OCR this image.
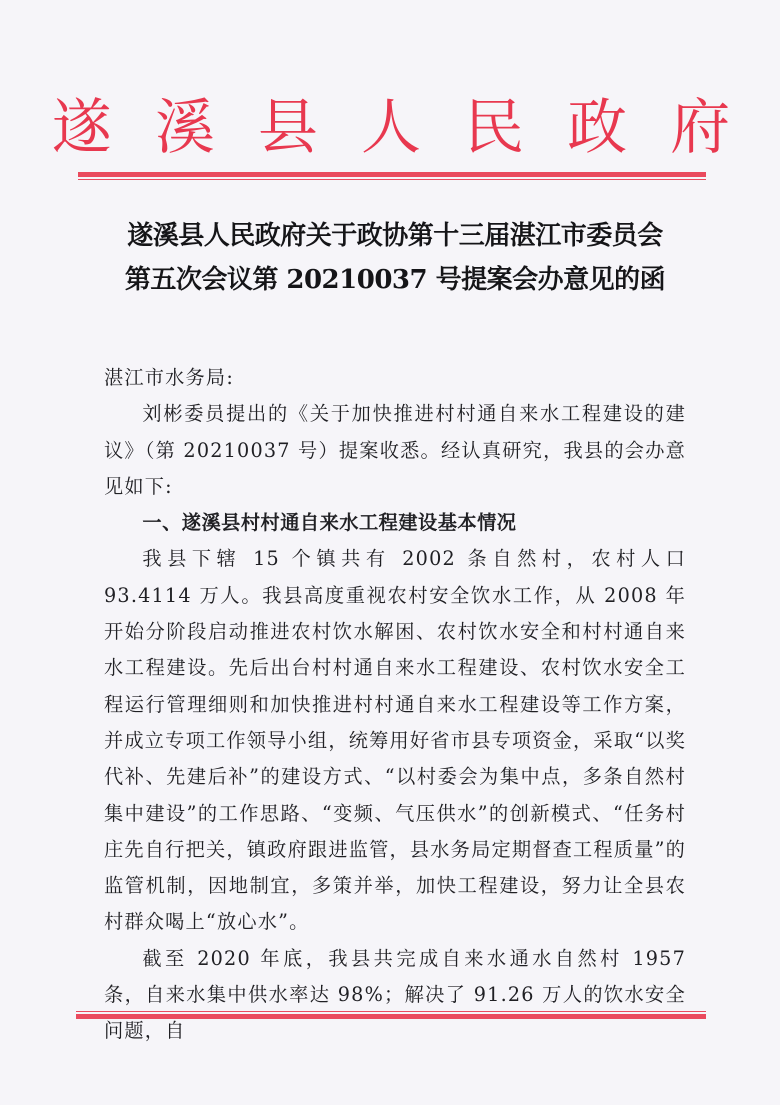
遂 溪 县 人 民 政 府
遂溪县人民政府关于政协第十三届湛江市委员会
第五次会议第 20210037 号提案会办意见的函

湛江市水务局:

刘彬委员提出的《关于加快推进村村通自来水工程建设的建议》（第 20210037 号）提案收悉。经认真研究，我县的会办意见如下:

一、遂溪县村村通自来水工程建设基本情况

我县下辖 15 个镇共有 2002 条自然村，农村人口 93.4114 万人。我县高度重视农村安全饮水工作，从 2008 年开始分阶段启动推进农村饮水解困、农村饮水安全和村村通自来水工程建设。先后出台村村通自来水工程建设、农村饮水安全工程运行管理细则和加快推进村村通自来水工程建设等工作方案，并成立专项工作领导小组，统筹用好省市县专项资金，采取“以奖代补、先建后补”的建设方式、“以村委会为集中点，多条自然村集中建设”的工作思路、“变频、气压供水”的创新模式、“任务村庄先自行把关，镇政府跟进监管，县水务局定期督查工程质量”的监管机制，因地制宜，多策并举，加快工程建设，努力让全县农村群众喝上“放心水”。

截至 2020 年底，我县共完成自来水通水自然村 1957 条，自来水集中供水率达 98%；解决了 91.26 万人的饮水安全问题，自
